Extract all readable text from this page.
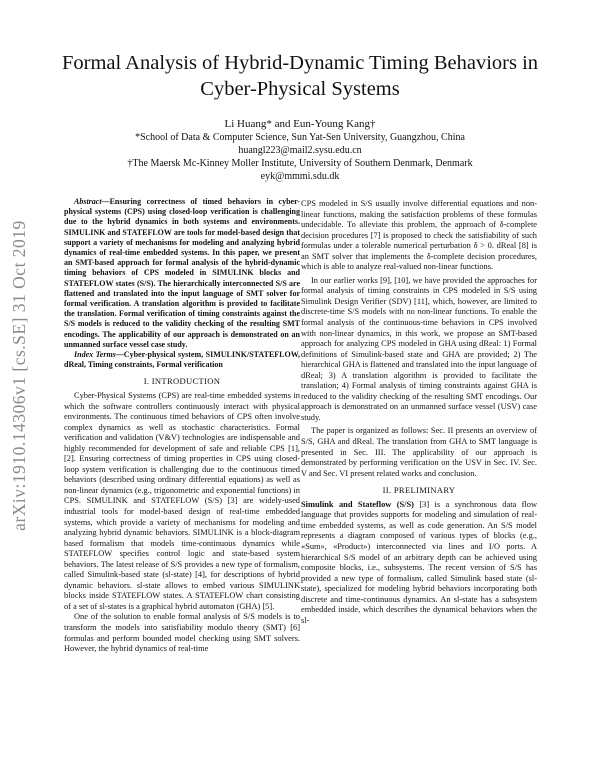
arXiv:1910.14306v1 [cs.SE] 31 Oct 2019
Formal Analysis of Hybrid-Dynamic Timing Behaviors in Cyber-Physical Systems
Li Huang* and Eun-Young Kang†
*School of Data & Computer Science, Sun Yat-Sen University, Guangzhou, China
huangl223@mail2.sysu.edu.cn
†The Maersk Mc-Kinney Moller Institute, University of Southern Denmark, Denmark
eyk@mmmi.sdu.dk

Abstract—Ensuring correctness of timed behaviors in cyber-physical systems (CPS) using closed-loop verification is challenging due to the hybrid dynamics in both systems and environments. SIMULINK and STATEFLOW are tools for model-based design that support a variety of mechanisms for modeling and analyzing hybrid dynamics of real-time embedded systems. In this paper, we present an SMT-based approach for formal analysis of the hybrid-dynamic timing behaviors of CPS modeled in SIMULINK blocks and STATEFLOW states (S/S). The hierarchically interconnected S/S are flattened and translated into the input language of SMT solver for formal verification. A translation algorithm is provided to facilitate the translation. Formal verification of timing constraints against the S/S models is reduced to the validity checking of the resulting SMT encodings. The applicability of our approach is demonstrated on an unmanned surface vessel case study.

Index Terms—Cyber-physical system, SIMULINK/STATEFLOW, dReal, Timing constraints, Formal verification

I. INTRODUCTION

Cyber-Physical Systems (CPS) are real-time embedded systems in which the software controllers continuously interact with physical environments. The continuous timed behaviors of CPS often involve complex dynamics as well as stochastic characteristics. Formal verification and validation (V&V) technologies are indispensable and highly recommended for development of safe and reliable CPS [1], [2]. Ensuring correctness of timing properties in CPS using closed-loop system verification is challenging due to the continuous timed behaviors (described using ordinary differential equations) as well as non-linear dynamics (e.g., trigonometric and exponential functions) in CPS. SIMULINK and STATEFLOW (S/S) [3] are widely-used industrial tools for model-based design of real-time embedded systems, which provide a variety of mechanisms for modeling and analyzing hybrid dynamic behaviors. SIMULINK is a block-diagram based formalism that models time-continuous dynamics while STATEFLOW specifies control logic and state-based system behaviors. The latest release of S/S provides a new type of formalism, called Simulink-based state (sl-state) [4], for descriptions of hybrid dynamic behaviors. sl-state allows to embed various SIMULINK blocks inside STATEFLOW states. A STATEFLOW chart consisting of a set of sl-states is a graphical hybrid automaton (GHA) [5].

One of the solution to enable formal analysis of S/S models is to transform the models into satisfiability modulo theory (SMT) [6] formulas and perform bounded model checking using SMT solvers. However, the hybrid dynamics of real-time

CPS modeled in S/S usually involve differential equations and non-linear functions, making the satisfaction problems of these formulas undecidable. To alleviate this problem, the approach of δ-complete decision procedures [7] is proposed to check the satisfiability of such formulas under a tolerable numerical perturbation δ > 0. dReal [8] is an SMT solver that implements the δ-complete decision procedures, which is able to analyze real-valued non-linear functions.

In our earlier works [9], [10], we have provided the approaches for formal analysis of timing constraints in CPS modeled in S/S using Simulink Design Verifier (SDV) [11], which, however, are limited to discrete-time S/S models with no non-linear functions. To enable the formal analysis of the continuous-time behaviors in CPS involved with non-linear dynamics, in this work, we propose an SMT-based approach for analyzing CPS modeled in GHA using dReal: 1) Formal definitions of Simulink-based state and GHA are provided; 2) The hierarchical GHA is flattened and translated into the input language of dReal; 3) A translation algorithm is provided to facilitate the translation; 4) Formal analysis of timing constraints against GHA is reduced to the validity checking of the resulting SMT encodings. Our approach is demonstrated on an unmanned surface vessel (USV) case study.

The paper is organized as follows: Sec. II presents an overview of S/S, GHA and dReal. The translation from GHA to SMT language is presented in Sec. III. The applicability of our approach is demonstrated by performing verification on the USV in Sec. IV. Sec. V and Sec. VI present related works and conclusion.

II. PRELIMINARY

Simulink and Stateflow (S/S) [3] is a synchronous data flow language that provides supports for modeling and simulation of real-time embedded systems, as well as code generation. An S/S model represents a diagram composed of various types of blocks (e.g., «Sum», «Product») interconnected via lines and I/O ports. A hierarchical S/S model of an arbitrary depth can be achieved using composite blocks, i.e., subsystems. The recent version of S/S has provided a new type of formalism, called Simulink based state (sl-state), specialized for modeling hybrid behaviors incorporating both discrete and time-continuous dynamics. An sl-state has a subsystem embedded inside, which describes the dynamical behaviors when the sl-
